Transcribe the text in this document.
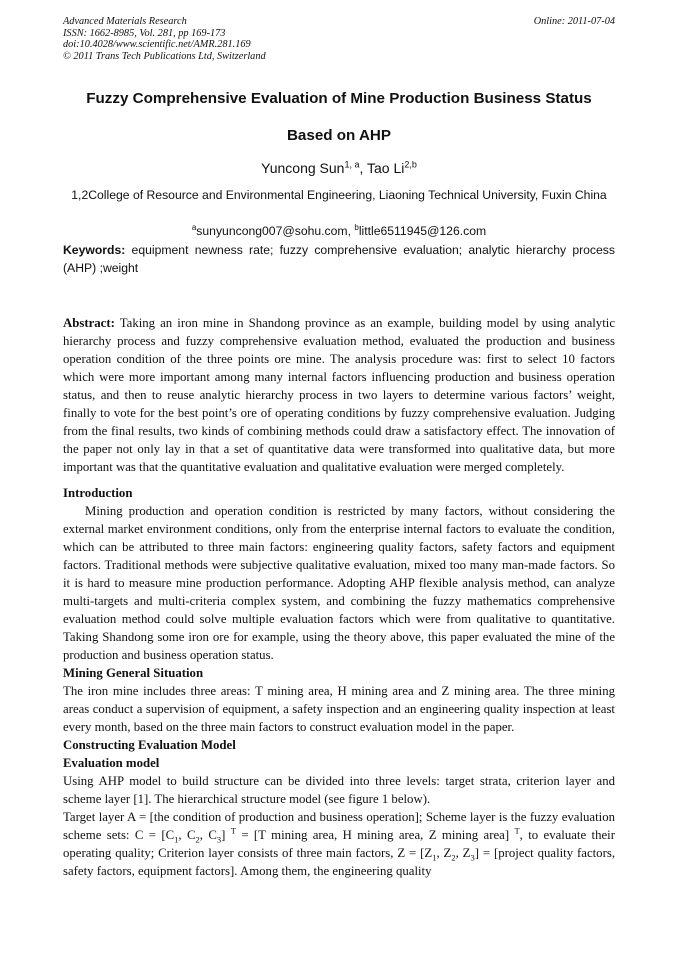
Advanced Materials Research
ISSN: 1662-8985, Vol. 281, pp 169-173
doi:10.4028/www.scientific.net/AMR.281.169
© 2011 Trans Tech Publications Ltd, Switzerland
Online: 2011-07-04
Fuzzy Comprehensive Evaluation of Mine Production Business Status
Based on AHP
Yuncong Sun$^{1, a}$, Tao Li$^{2,b}$
1,2College of Resource and Environmental Engineering, Liaoning Technical University, Fuxin China
$^a$sunyuncong007@sohu.com, $^b$little6511945@126.com
Keywords: equipment newness rate; fuzzy comprehensive evaluation; analytic hierarchy process (AHP) ;weight

Abstract: Taking an iron mine in Shandong province as an example, building model by using analytic hierarchy process and fuzzy comprehensive evaluation method, evaluated the production and business operation condition of the three points ore mine. The analysis procedure was: first to select 10 factors which were more important among many internal factors influencing production and business operation status, and then to reuse analytic hierarchy process in two layers to determine various factors’ weight, finally to vote for the best point’s ore of operating conditions by fuzzy comprehensive evaluation. Judging from the final results, two kinds of combining methods could draw a satisfactory effect. The innovation of the paper not only lay in that a set of quantitative data were transformed into qualitative data, but more important was that the quantitative evaluation and qualitative evaluation were merged completely.

Introduction

Mining production and operation condition is restricted by many factors, without considering the external market environment conditions, only from the enterprise internal factors to evaluate the condition, which can be attributed to three main factors: engineering quality factors, safety factors and equipment factors. Traditional methods were subjective qualitative evaluation, mixed too many man-made factors. So it is hard to measure mine production performance. Adopting AHP flexible analysis method, can analyze multi-targets and multi-criteria complex system, and combining the fuzzy mathematics comprehensive evaluation method could solve multiple evaluation factors which were from qualitative to quantitative. Taking Shandong some iron ore for example, using the theory above, this paper evaluated the mine of the production and business operation status.

Mining General Situation

The iron mine includes three areas: T mining area, H mining area and Z mining area. The three mining areas conduct a supervision of equipment, a safety inspection and an engineering quality inspection at least every month, based on the three main factors to construct evaluation model in the paper.

Constructing Evaluation Model
Evaluation model

Using AHP model to build structure can be divided into three levels: target strata, criterion layer and scheme layer [1]. The hierarchical structure model (see figure 1 below).

Target layer A = [the condition of production and business operation]; Scheme layer is the fuzzy evaluation scheme sets: $C = [C_1$, $C_2$, $C_3$] $^T$ = [T mining area, H mining area, Z mining area] $^T$, to evaluate their operating quality; Criterion layer consists of three main factors, $Z = [Z_1$, $Z_2$, $Z_3$] = [project quality factors, safety factors, equipment factors]. Among them, the engineering quality
